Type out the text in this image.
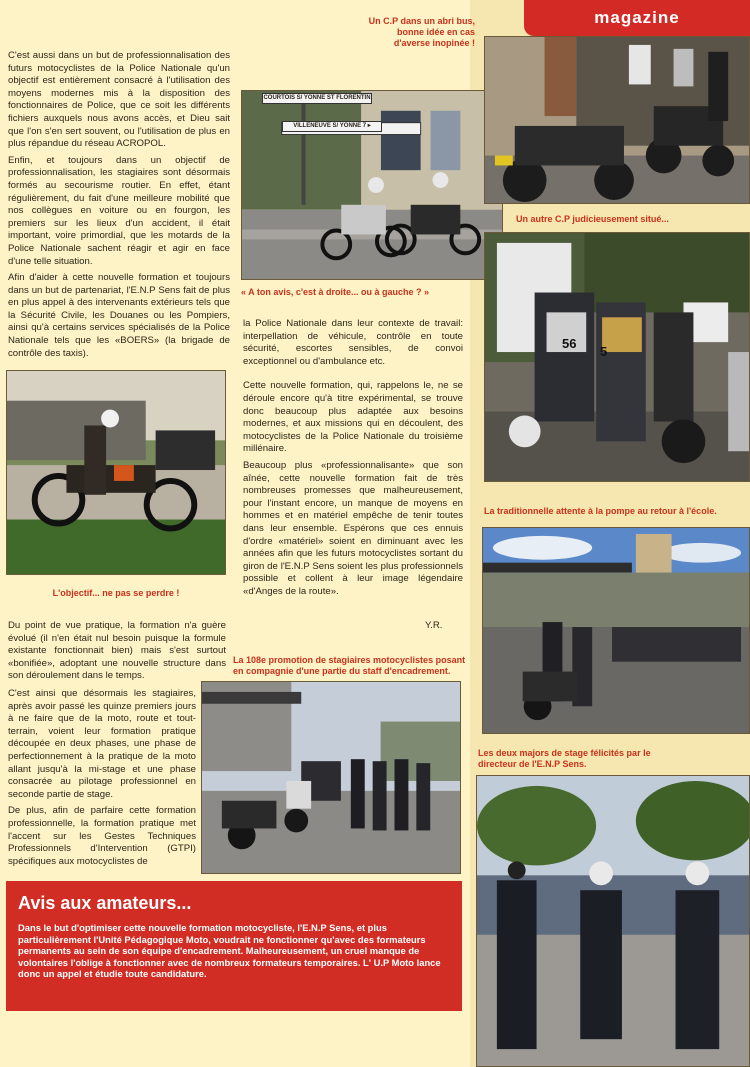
magazine

C'est aussi dans un but de professionnalisation des futurs motocyclistes de la Police Nationale qu'un objectif est entièrement consacré à l'utilisation des moyens modernes mis à la disposition des fonctionnaires de Police, que ce soit les différents fichiers auxquels nous avons accès, et Dieu sait que l'on s'en sert souvent, ou l'utilisation de plus en plus répandue du réseau ACROPOL.

Enfin, et toujours dans un objectif de professionnalisation, les stagiaires sont désormais formés au secourisme routier. En effet, étant régulièrement, du fait d'une meilleure mobilité que nos collègues en voiture ou en fourgon, les premiers sur les lieux d'un accident, il était important, voire primordial, que les motards de la Police Nationale sachent réagir et agir en face d'une telle situation.

Afin d'aider à cette nouvelle formation et toujours dans un but de partenariat, l'E.N.P Sens fait de plus en plus appel à des intervenants extérieurs tels que la Sécurité Civile, les Douanes ou les Pompiers, ainsi qu'à certains services spécialisés de la Police Nationale tels que les «BOERS» (la brigade de contrôle des taxis).

Un C.P dans un abri bus, bonne idée en cas d'averse inopinée !
COURTOIS S/ YONNE ST FLORENTIN
VILLENEUVE S/ YONNE 7 ▸
« A ton avis, c'est à droite... ou à gauche ? »
Un autre C.P judicieusement situé...
56
5
La traditionnelle attente à la pompe au retour à l'école.
L'objectif... ne pas se perdre !

la Police Nationale dans leur contexte de travail: interpellation de véhicule, contrôle en toute sécurité, escortes sensibles, de convoi exceptionnel ou d'ambulance etc.

Cette nouvelle formation, qui, rappelons le, ne se déroule encore qu'à titre expérimental, se trouve donc beaucoup plus adaptée aux besoins modernes, et aux missions qui en découlent, des motocyclistes de la Police Nationale du troisième millénaire.

Beaucoup plus «professionnalisante» que son aînée, cette nouvelle formation fait de très nombreuses promesses que malheureusement, pour l'instant encore, un manque de moyens en hommes et en matériel empêche de tenir toutes dans leur ensemble. Espérons que ces ennuis d'ordre «matériel» soient en diminuant avec les années afin que les futurs motocyclistes sortant du giron de l'E.N.P Sens soient les plus professionnels possible et collent à leur image légendaire «d'Anges de la route».

Y.R.
La 108e promotion de stagiaires motocyclistes posant en compagnie d'une partie du staff d'encadrement.

Du point de vue pratique, la formation n'a guère évolué (il n'en était nul besoin puisque la formule existante fonctionnait bien) mais s'est surtout «bonifiée», adoptant une nouvelle structure dans son déroulement dans le temps.

C'est ainsi que désormais les stagiaires, après avoir passé les quinze premiers jours à ne faire que de la moto, route et tout-terrain, voient leur formation pratique découpée en deux phases, une phase de perfectionnement à la pratique de la moto allant jusqu'à la mi-stage et une phase consacrée au pilotage professionnel en seconde partie de stage.

De plus, afin de parfaire cette formation professionnelle, la formation pratique met l'accent sur les Gestes Techniques Professionnels d'Intervention (GTPI) spécifiques aux motocyclistes de

Les deux majors de stage félicités par le directeur de l'E.N.P Sens.
Avis aux amateurs...

Dans le but d'optimiser cette nouvelle formation motocycliste, l'E.N.P Sens, et plus particulièrement l'Unité Pédagogique Moto, voudrait ne fonctionner qu'avec des formateurs permanents au sein de son équipe d'encadrement. Malheureusement, un cruel manque de volontaires l'oblige à fonctionner avec de nombreux formateurs temporaires. L' U.P Moto lance donc un appel et étudie toute candidature.
